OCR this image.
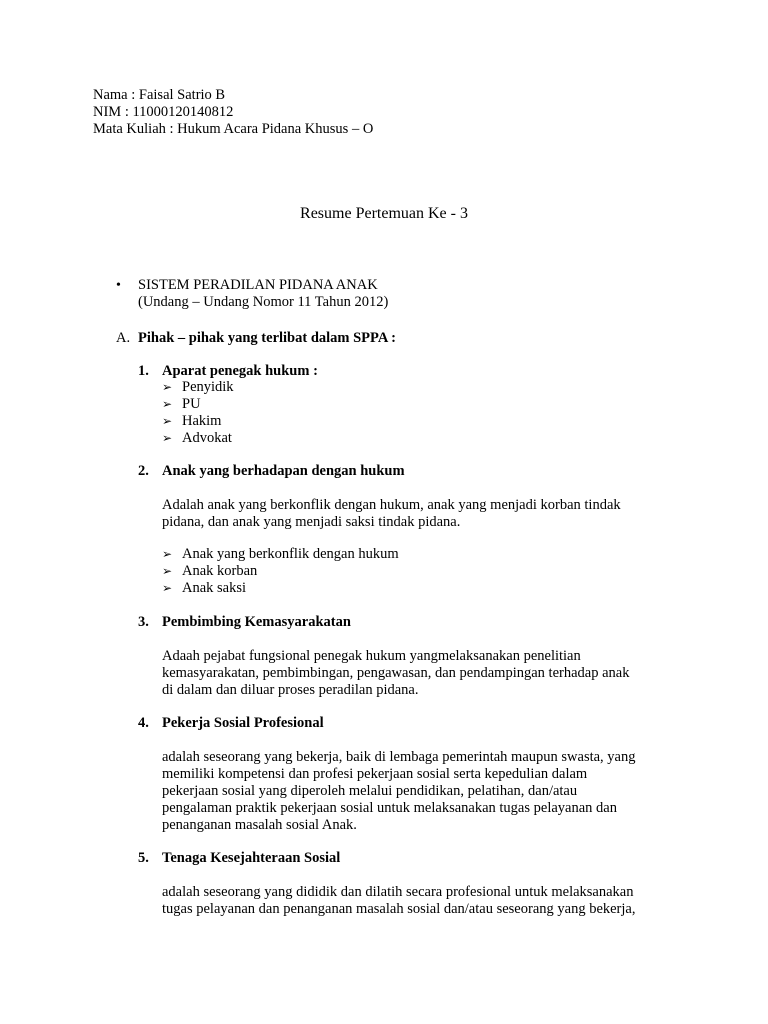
Nama : Faisal Satrio B
NIM : 11000120140812
Mata Kuliah : Hukum Acara Pidana Khusus – O
Resume Pertemuan Ke - 3
• SISTEM PERADILAN PIDANA ANAK
(Undang – Undang Nomor 11 Tahun 2012)
A. Pihak – pihak yang terlibat dalam SPPA :
1. Aparat penegak hukum :
➢ Penyidik
➢ PU
➢ Hakim
➢ Advokat
2. Anak yang berhadapan dengan hukum
Adalah anak yang berkonflik dengan hukum, anak yang menjadi korban tindak
pidana, dan anak yang menjadi saksi tindak pidana.
➢ Anak yang berkonflik dengan hukum
➢ Anak korban
➢ Anak saksi
3. Pembimbing Kemasyarakatan
Adaah pejabat fungsional penegak hukum yangmelaksanakan penelitian
kemasyarakatan, pembimbingan, pengawasan, dan pendampingan terhadap anak
di dalam dan diluar proses peradilan pidana.
4. Pekerja Sosial Profesional
adalah seseorang yang bekerja, baik di lembaga pemerintah maupun swasta, yang
memiliki kompetensi dan profesi pekerjaan sosial serta kepedulian dalam
pekerjaan sosial yang diperoleh melalui pendidikan, pelatihan, dan/atau
pengalaman praktik pekerjaan sosial untuk melaksanakan tugas pelayanan dan
penanganan masalah sosial Anak.
5. Tenaga Kesejahteraan Sosial
adalah seseorang yang dididik dan dilatih secara profesional untuk melaksanakan
tugas pelayanan dan penanganan masalah sosial dan/atau seseorang yang bekerja,
